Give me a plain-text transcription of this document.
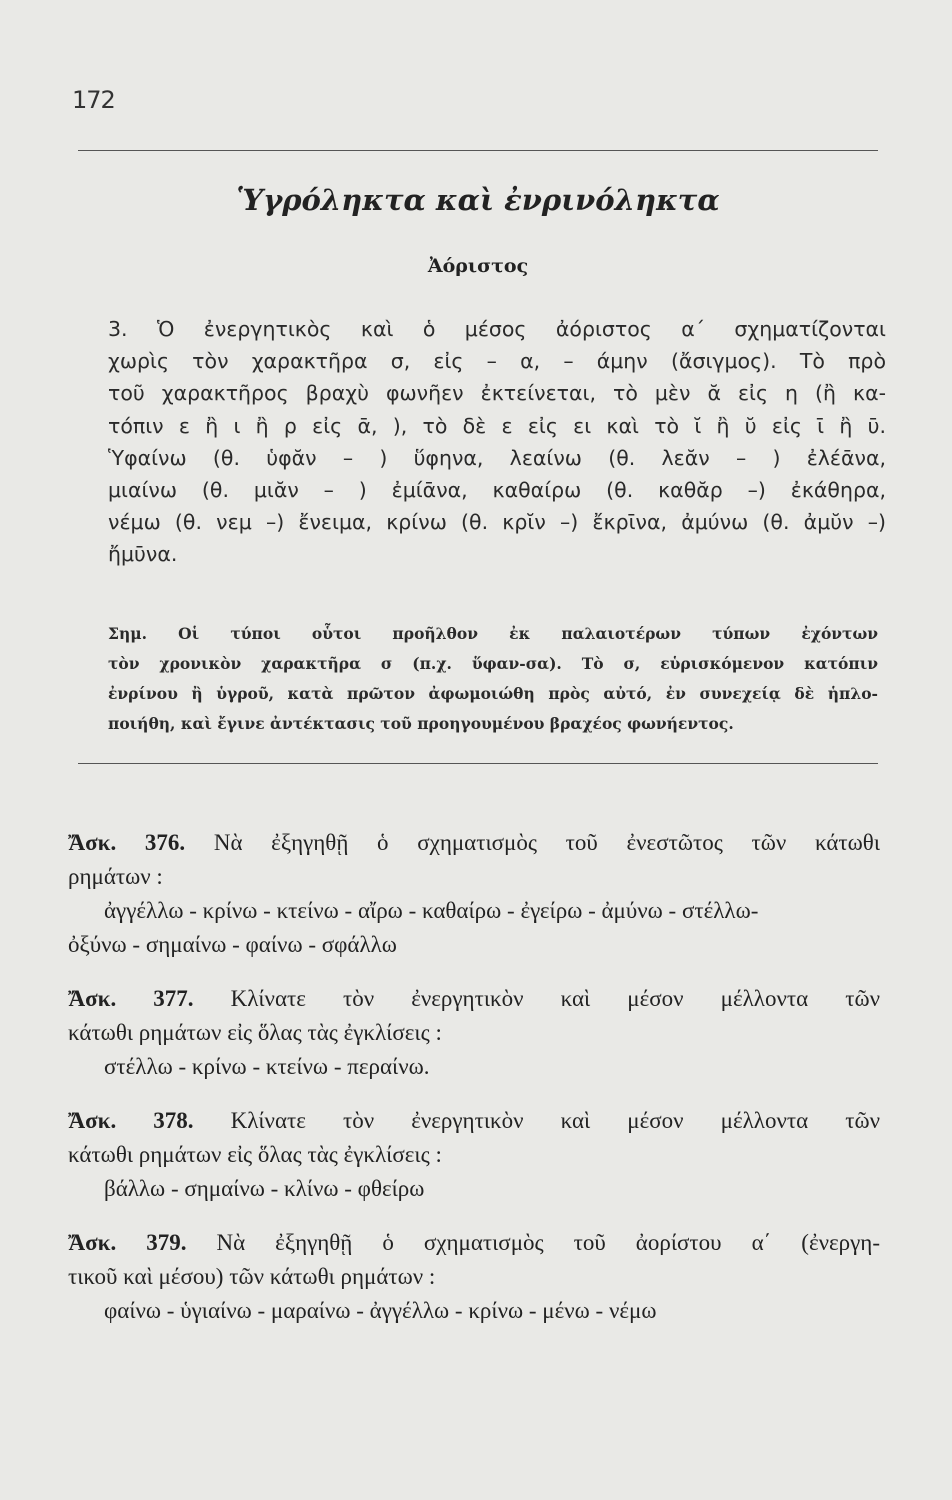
172
Ὑγρόληκτα καὶ ἐνρινόληκτα
Ἀόριστος
3. Ὁ ἐνεργητικὸς καὶ ὁ μέσος ἀόριστος α΄ σχηματίζονται
χωρὶς τὸν χαρακτῆρα σ, εἰς – α, – άμην (ἄσιγμος). Τὸ πρὸ
τοῦ χαρακτῆρος βραχὺ φωνῆεν ἐκτείνεται, τὸ μὲν ᾰ εἰς η (ἢ κα-
τόπιν ε ἢ ι ἢ ρ εἰς ᾱ, ), τὸ δὲ ε εἰς ει καὶ τὸ ῐ ἢ ῠ εἰς ῑ ἢ ῡ.
Ὑφαίνω (θ. ὑφᾰν – ) ὕφηνα, λεαίνω (θ. λεᾰν – ) ἐλέᾱνα,
μιαίνω (θ. μιᾰν – ) ἐμίᾱνα, καθαίρω (θ. καθᾰρ –) ἐκάθηρα,
νέμω (θ. νεμ –) ἔνειμα, κρίνω (θ. κρῐν –) ἔκρῑνα, ἀμύνω (θ. ἀμῠν –)
ἤμῡνα.
Σημ. Οἱ τύποι οὗτοι προῆλθον ἐκ παλαιοτέρων τύπων ἐχόντων
τὸν χρονικὸν χαρακτῆρα σ (π.χ. ὕφαν-σα). Τὸ σ, εὑρισκόμενον κατόπιν
ἐνρίνου ἢ ὑγροῦ, κατὰ πρῶτον ἀφωμοιώθη πρὸς αὐτό, ἐν συνεχείᾳ δὲ ἡπλο-
ποιήθη, καὶ ἔγινε ἀντέκτασις τοῦ προηγουμένου βραχέος φωνήεντος.
Ἄσκ. 376. Νὰ ἐξηγηθῇ ὁ σχηματισμὸς τοῦ ἐνεστῶτος τῶν κάτωθι
ρημάτων :
ἀγγέλλω - κρίνω - κτείνω - αἴρω - καθαίρω - ἐγείρω - ἀμύνω - στέλλω-
ὀξύνω - σημαίνω - φαίνω - σφάλλω
Ἄσκ. 377. Κλίνατε τὸν ἐνεργητικὸν καὶ μέσον μέλλοντα τῶν
κάτωθι ρημάτων εἰς ὅλας τὰς ἐγκλίσεις :
στέλλω - κρίνω - κτείνω - περαίνω.
Ἄσκ. 378. Κλίνατε τὸν ἐνεργητικὸν καὶ μέσον μέλλοντα τῶν
κάτωθι ρημάτων εἰς ὅλας τὰς ἐγκλίσεις :
βάλλω - σημαίνω - κλίνω - φθείρω
Ἄσκ. 379. Νὰ ἐξηγηθῇ ὁ σχηματισμὸς τοῦ ἀορίστου α΄ (ἐνεργη-
τικοῦ καὶ μέσου) τῶν κάτωθι ρημάτων :
φαίνω - ὑγιαίνω - μαραίνω - ἀγγέλλω - κρίνω - μένω - νέμω
